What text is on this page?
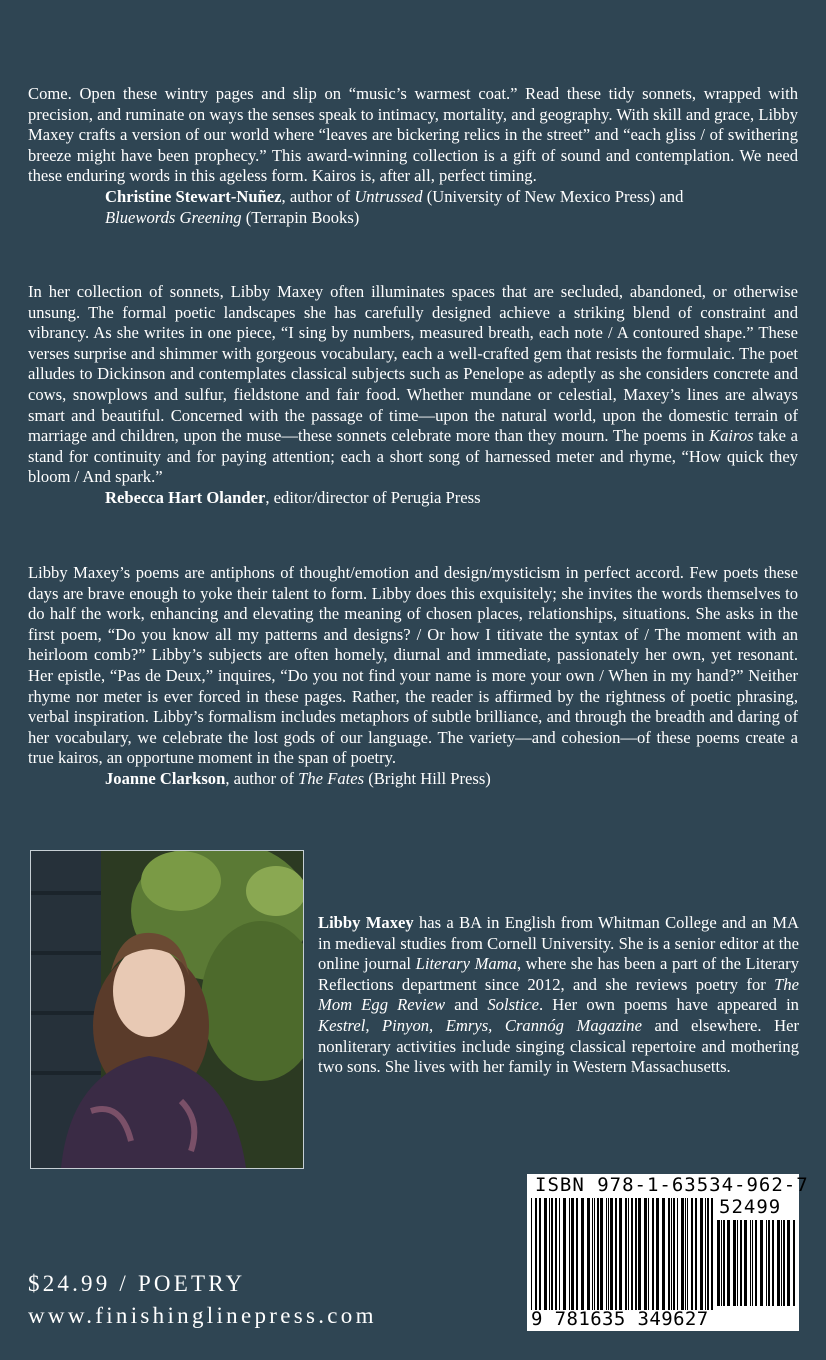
Come. Open these wintry pages and slip on “music’s warmest coat.” Read these tidy sonnets, wrapped with precision, and ruminate on ways the senses speak to intimacy, mortality, and geography. With skill and grace, Libby Maxey crafts a version of our world where “leaves are bickering relics in the street” and “each gliss / of swithering breeze might have been prophecy.” This award-winning collection is a gift of sound and contemplation. We need these enduring words in this ageless form. Kairos is, after all, perfect timing.

Christine Stewart-Nuñez, author of Untrussed (University of New Mexico Press) and
Bluewords Greening (Terrapin Books)

In her collection of sonnets, Libby Maxey often illuminates spaces that are secluded, abandoned, or otherwise unsung. The formal poetic landscapes she has carefully designed achieve a striking blend of constraint and vibrancy. As she writes in one piece, “I sing by numbers, measured breath, each note / A contoured shape.” These verses surprise and shimmer with gorgeous vocabulary, each a well-crafted gem that resists the formulaic. The poet alludes to Dickinson and contemplates classical subjects such as Penelope as adeptly as she considers concrete and cows, snowplows and sulfur, fieldstone and fair food. Whether mundane or celestial, Maxey’s lines are always smart and beautiful. Concerned with the passage of time—upon the natural world, upon the domestic terrain of marriage and children, upon the muse—these sonnets celebrate more than they mourn. The poems in Kairos take a stand for continuity and for paying attention; each a short song of harnessed meter and rhyme, “How quick they bloom / And spark.”

Rebecca Hart Olander, editor/director of Perugia Press

Libby Maxey’s poems are antiphons of thought/emotion and design/mysticism in perfect accord. Few poets these days are brave enough to yoke their talent to form. Libby does this exquisitely; she invites the words themselves to do half the work, enhancing and elevating the meaning of chosen places, relationships, situations. She asks in the first poem, “Do you know all my patterns and designs? / Or how I titivate the syntax of / The moment with an heirloom comb?” Libby’s subjects are often homely, diurnal and immediate, passionately her own, yet resonant. Her epistle, “Pas de Deux,” inquires, “Do you not find your name is more your own / When in my hand?” Neither rhyme nor meter is ever forced in these pages. Rather, the reader is affirmed by the rightness of poetic phrasing, verbal inspiration. Libby’s formalism includes metaphors of subtle brilliance, and through the breadth and daring of her vocabulary, we celebrate the lost gods of our language. The variety—and cohesion—of these poems create a true kairos, an opportune moment in the span of poetry.

Joanne Clarkson, author of The Fates (Bright Hill Press)

Libby Maxey has a BA in English from Whitman College and an MA in medieval studies from Cornell University. She is a senior editor at the online journal Literary Mama, where she has been a part of the Literary Reflections department since 2012, and she reviews poetry for The Mom Egg Review and Solstice. Her own poems have appeared in Kestrel, Pinyon, Emrys, Crannóg Magazine and elsewhere. Her nonliterary activities include singing classical repertoire and mothering two sons. She lives with her family in Western Massachusetts.

$24.99 / POETRY
www.finishinglinepress.com
ISBN 978-1-63534-962-7
52499
9 781635 349627
